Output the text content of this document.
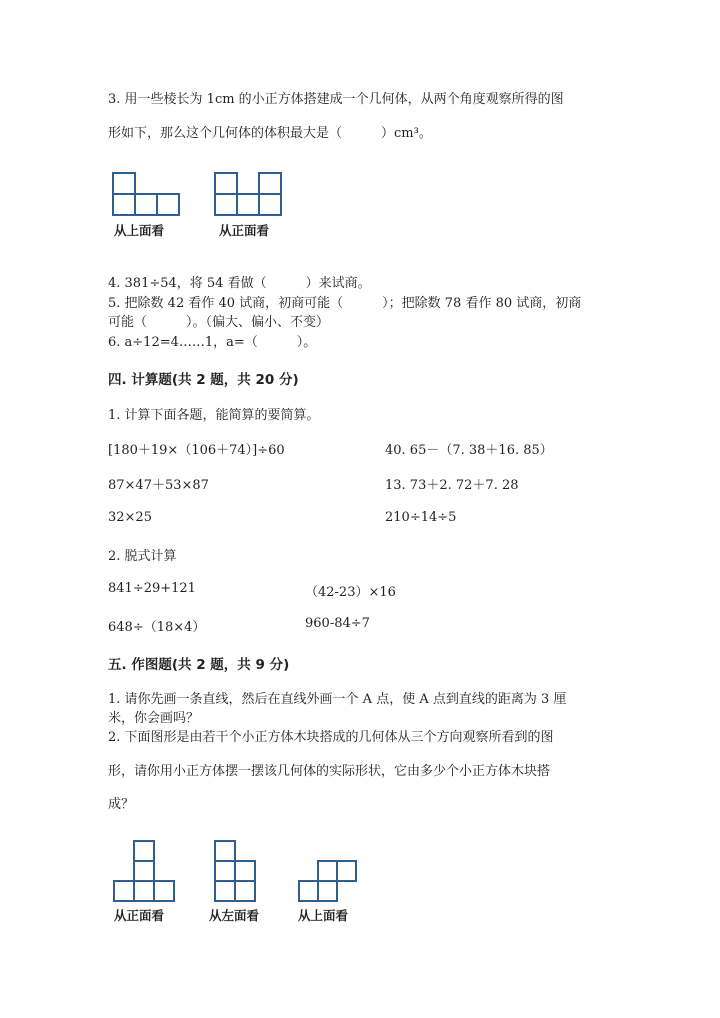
3. 用一些棱长为 1cm 的小正方体搭建成一个几何体，从两个角度观察所得的图
形如下，那么这个几何体的体积最大是（　　　）cm³。
从上面看	从正面看
4. 381÷54，将 54 看做（　　　）来试商。
5. 把除数 42 看作 40 试商，初商可能（　　　）；把除数 78 看作 80 试商，初商
可能（　　　）。（偏大、偏小、不变）
6. a÷12=4……1，a=（　　　）。
四. 计算题(共 2 题，共 20 分)
1. 计算下面各题，能简算的要简算。
[180＋19×（106＋74）]÷60	40. 65－（7. 38＋16. 85）
87×47＋53×87	13. 73＋2. 72＋7. 28
32×25	210÷14÷5
2. 脱式计算
841÷29+121	（42-23）×16
648÷（18×4）	960-84÷7
五. 作图题(共 2 题，共 9 分)
1. 请你先画一条直线，然后在直线外画一个 A 点，使 A 点到直线的距离为 3 厘
米，你会画吗？
2. 下面图形是由若干个小正方体木块搭成的几何体从三个方向观察所看到的图
形，请你用小正方体摆一摆该几何体的实际形状，它由多少个小正方体木块搭
成？
从正面看	从左面看	从上面看
